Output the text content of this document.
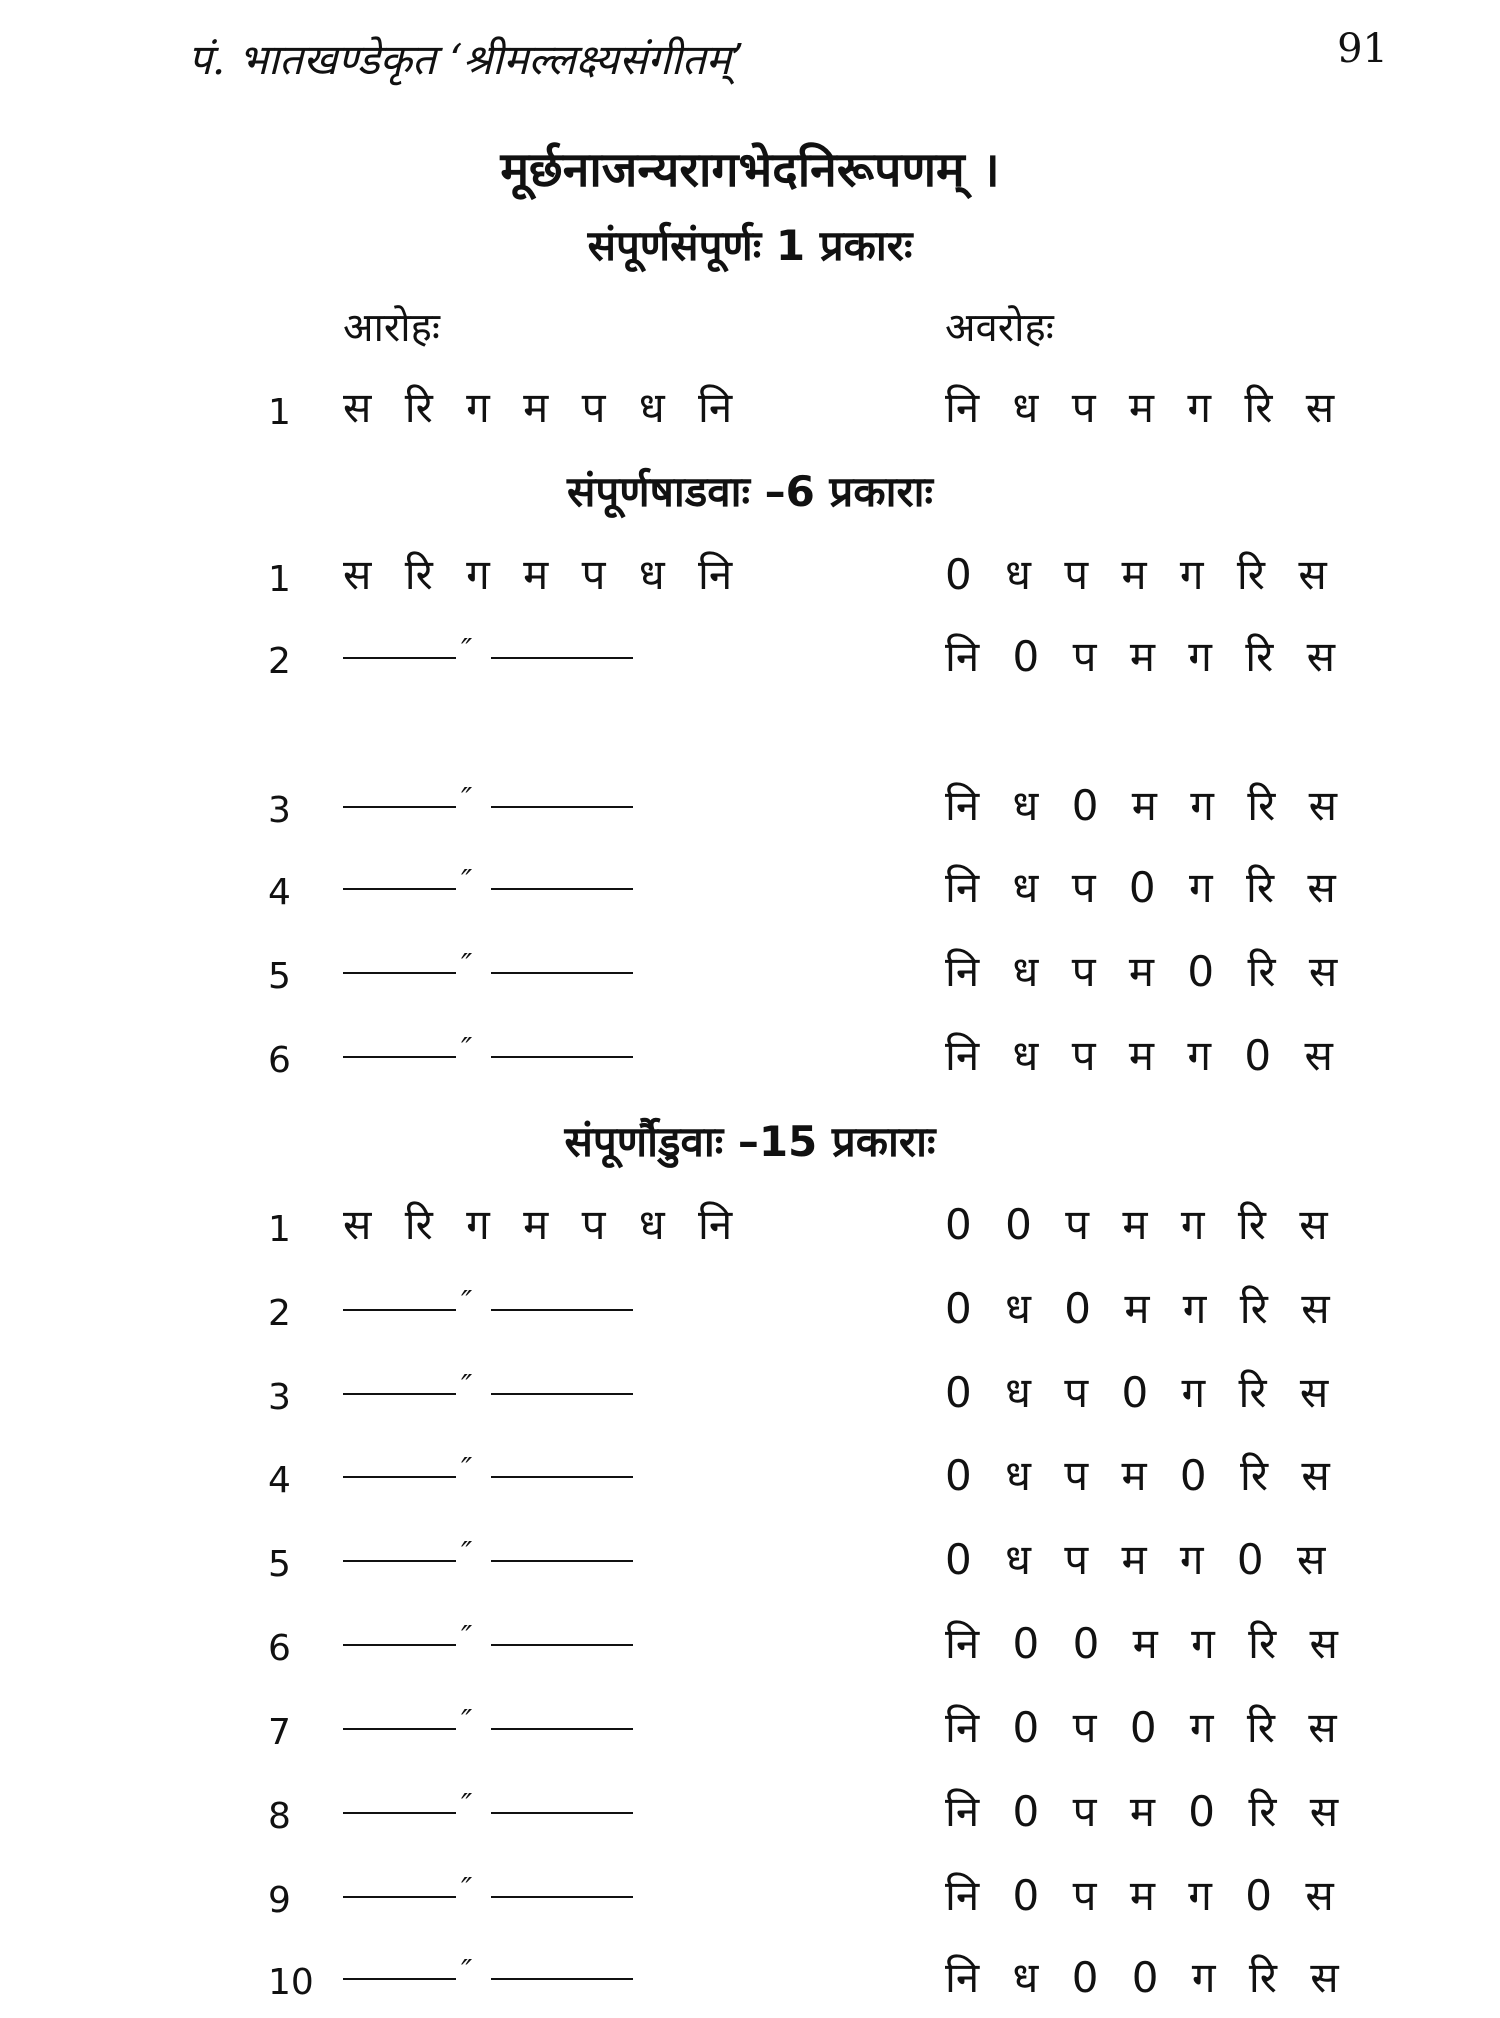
पं. भातखण्डेकृत ‘श्रीमल्लक्ष्यसंगीतम्’	91
मूर्छनाजन्यरागभेदनिरूपणम् ।
संपूर्णसंपूर्णः 1 प्रकारः
आरोहः	अवरोहः
1 स रि ग म प ध नि	नि ध प म ग रि स
संपूर्णषाडवाः –6 प्रकाराः
1 स रि ग म प ध नि	0 ध प म ग रि स
2	″	नि 0 प म ग रि स
3	″	नि ध 0 म ग रि स
4	″	नि ध प 0 ग रि स
5	″	नि ध प म 0 रि स
6	″	नि ध प म ग 0 स
संपूर्णौडुवाः –15 प्रकाराः
1 स रि ग म प ध नि	0 0 प म ग रि स
2	″	0 ध 0 म ग रि स
3	″	0 ध प 0 ग रि स
4	″	0 ध प म 0 रि स
5	″	0 ध प म ग 0 स
6	″	नि 0 0 म ग रि स
7	″	नि 0 प 0 ग रि स
8	″	नि 0 प म 0 रि स
9	″	नि 0 प म ग 0 स
10	″	नि ध 0 0 ग रि स
